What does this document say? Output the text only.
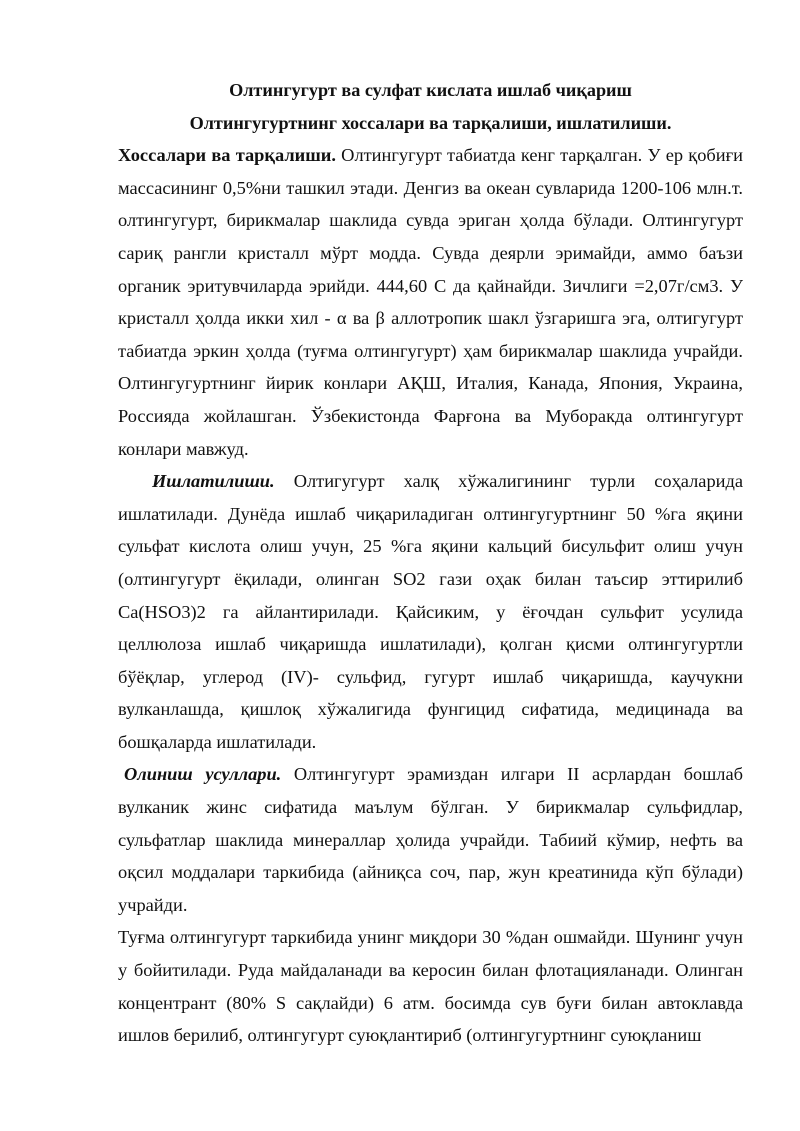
Олтингугурт ва сулфат кислата ишлаб чиқариш
Олтингугуртнинг хоссалари ва тарқалиши, ишлатилиши.

Хоссалари ва тарқалиши. Олтингугурт табиатда кенг тарқалган. У ер қобиғи массасининг 0,5%ни ташкил этади. Денгиз ва океан сувларида 1200-106 млн.т. олтингугурт, бирикмалар шаклида сувда эриган ҳолда бўлади. Олтингугурт сариқ рангли кристалл мўрт модда. Сувда деярли эримайди, аммо баъзи органик эритувчиларда эрийди. 444,60 С да қайнайди. Зичлиги =2,07г/см3. У кристалл ҳолда икки хил - α ва β аллотропик шакл ўзгаришга эга, олтигугурт табиатда эркин ҳолда (туғма олтингугурт) ҳам бирикмалар шаклида учрайди. Олтингугуртнинг йирик конлари АҚШ, Италия, Канада, Япония, Украина, Россияда жойлашган. Ўзбекистонда Фарғона ва Муборакда олтингугурт конлари мавжуд.

Ишлатилиши. Олтигугурт халқ хўжалигининг турли соҳаларида ишлатилади. Дунёда ишлаб чиқариладиган олтингугуртнинг 50 %га яқини сульфат кислота олиш учун, 25 %га яқини кальций бисульфит олиш учун (олтингугурт ёқилади, олинган SO2 гази оҳак билан таъсир эттирилиб Ca(HSO3)2 га айлантирилади. Қайсиким, у ёғочдан сульфит усулида целлюлоза ишлаб чиқаришда ишлатилади), қолган қисми олтингугуртли бўёқлар, углерод (IV)- сульфид, гугурт ишлаб чиқаришда, каучукни вулканлашда, қишлоқ хўжалигида фунгицид сифатида, медицинада ва бошқаларда ишлатилади.

Олиниш усуллари. Олтингугурт эрамиздан илгари II асрлардан бошлаб вулканик жинс сифатида маълум бўлган. У бирикмалар сульфидлар, сульфатлар шаклида минераллар ҳолида учрайди. Табиий кўмир, нефть ва оқсил моддалари таркибида (айниқса соч, пар, жун креатинида кўп бўлади) учрайди.

Туғма олтингугурт таркибида унинг миқдори 30 %дан ошмайди. Шунинг учун у бойитилади. Руда майдаланади ва керосин билан флотацияланади. Олинган концентрант (80% S сақлайди) 6 атм. босимда сув буғи билан автоклавда ишлов берилиб, олтингугурт суюқлантириб (олтингугуртнинг суюқланиш
